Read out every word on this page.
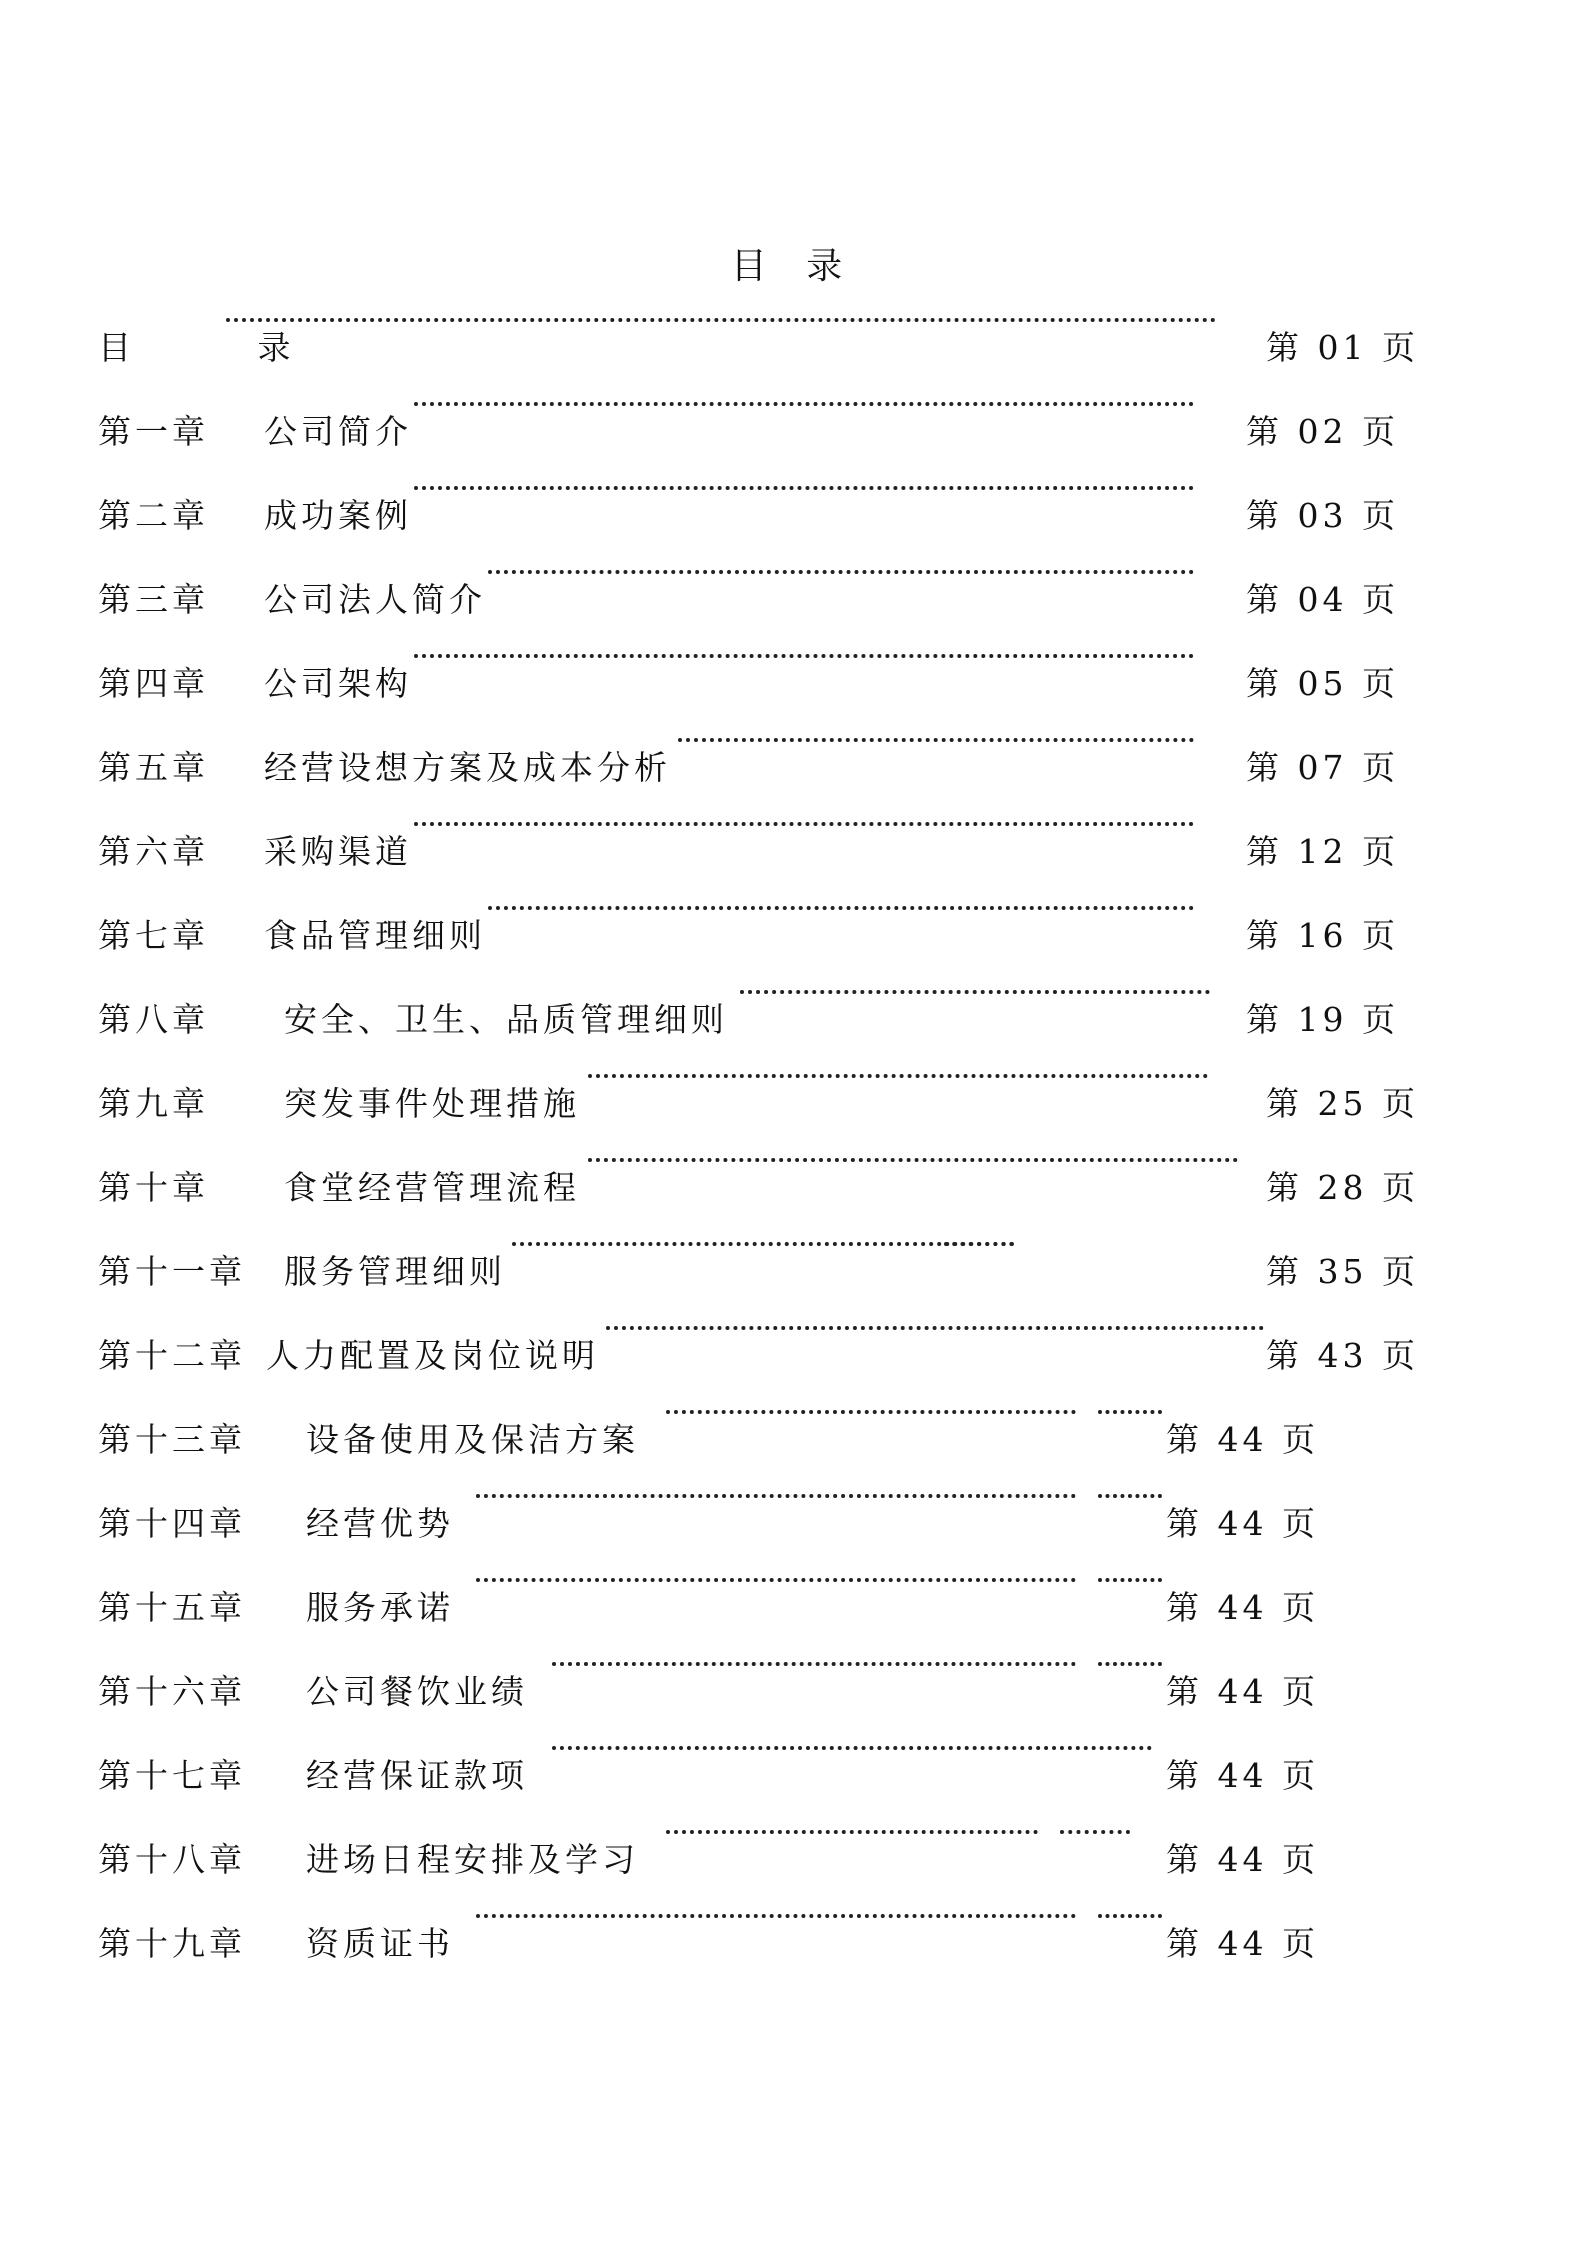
目 录
目 录	第 01 页
第一章 公司简介	第 02 页
第二章 成功案例	第 03 页
第三章 公司法人简介	第 04 页
第四章 公司架构	第 05 页
第五章 经营设想方案及成本分析	第 07 页
第六章 采购渠道	第 12 页
第七章 食品管理细则	第 16 页
第八章 安全、卫生、品质管理细则	第 19 页
第九章 突发事件处理措施	第 25 页
第十章 食堂经营管理流程	第 28 页
第十一章 服务管理细则	第 35 页
第十二章 人力配置及岗位说明	第 43 页
第十三章 设备使用及保洁方案	第 44 页
第十四章 经营优势	第 44 页
第十五章 服务承诺	第 44 页
第十六章 公司餐饮业绩	第 44 页
第十七章 经营保证款项	第 44 页
第十八章 进场日程安排及学习	第 44 页
第十九章 资质证书	第 44 页
